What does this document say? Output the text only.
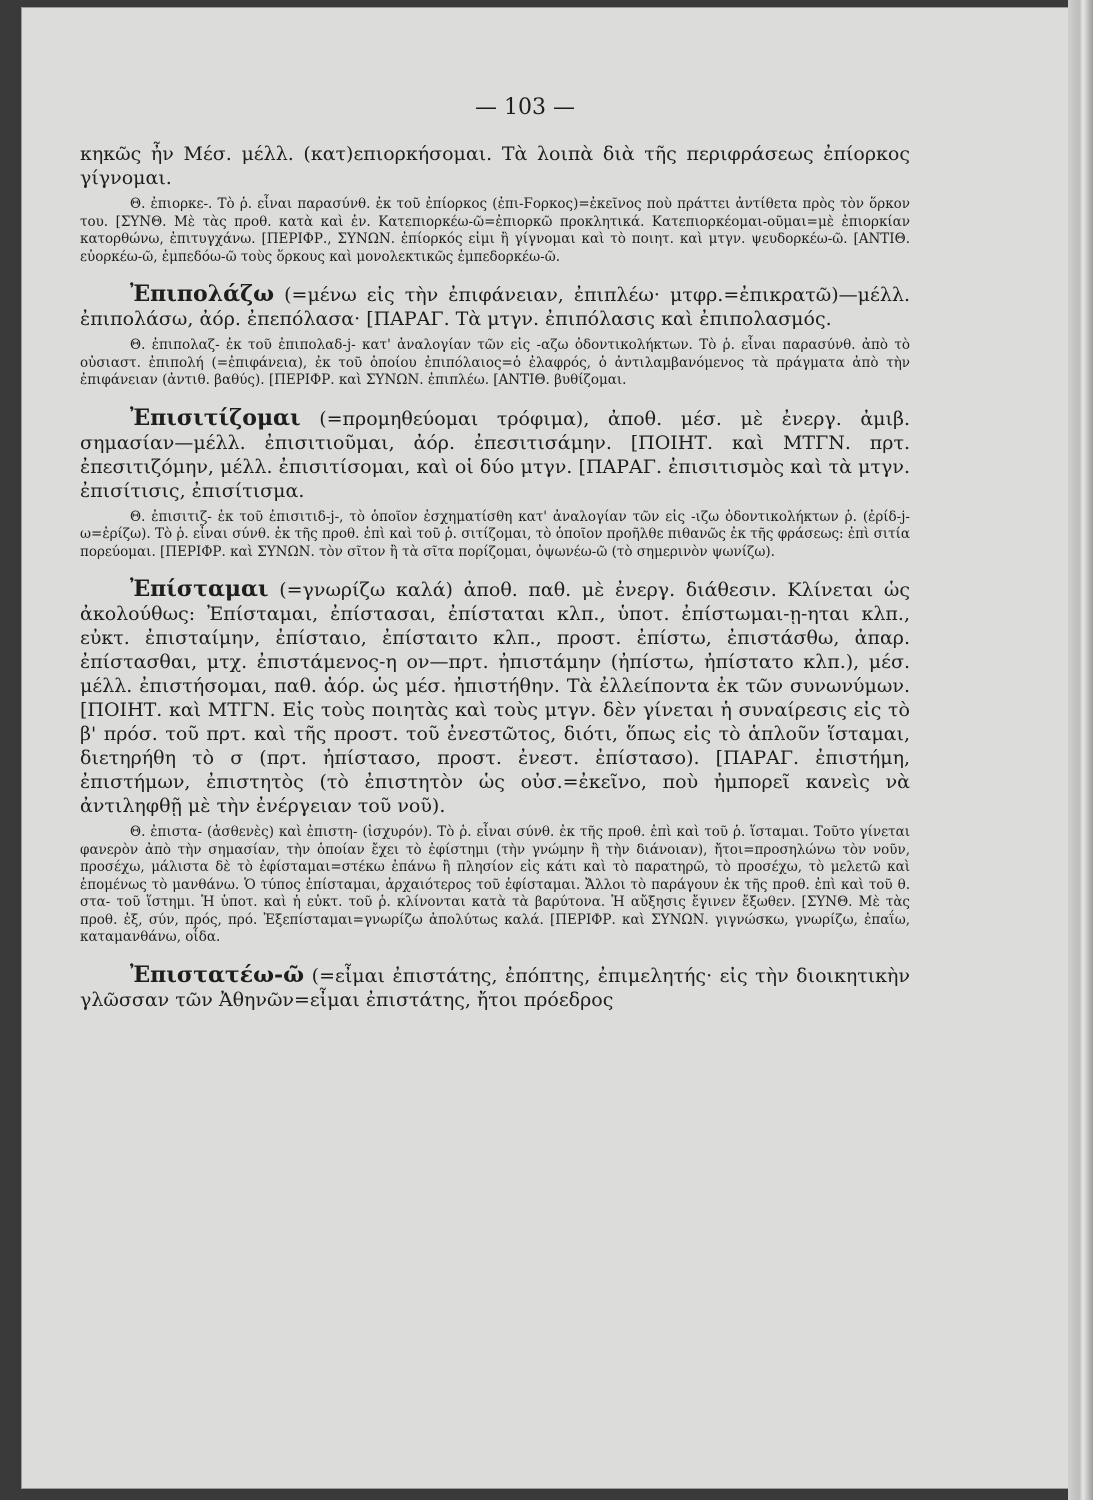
— 103 —

κηκῶς ἦν Μέσ. μέλλ. (κατ)επιορκήσομαι. Τὰ λοιπὰ διὰ τῆς περιφράσεως ἐπίορκος γίγνομαι.

Θ. ἐπιορκε-. Τὸ ῥ. εἶναι παρασύνθ. ἐκ τοῦ ἐπίορκος (ἐπι-Ϝορκος)=ἐκεῖνος ποὺ πράττει ἀντίθετα πρὸς τὸν ὅρκον του. [ΣΥΝΘ. Μὲ τὰς προθ. κατὰ καὶ ἐν. Κατεπιορκέω-ῶ=ἐπιορκῶ προκλητικά. Κατεπιορκέομαι-οῦμαι=μὲ ἐπιορκίαν κατορθώνω, ἐπιτυγχάνω. [ΠΕΡΙΦΡ., ΣΥΝΩΝ. ἐπίορκός εἰμι ἢ γίγνομαι καὶ τὸ ποιητ. καὶ μτγν. ψευδορκέω-ῶ. [ΑΝΤΙΘ. εὐορκέω-ῶ, ἐμπεδόω-ῶ τοὺς ὅρκους καὶ μονολεκτικῶς ἐμπεδορκέω-ῶ.

Ἐπιπολάζω (=μένω εἰς τὴν ἐπιφάνειαν, ἐπιπλέω· μτφρ.=ἐπικρατῶ)—μέλλ. ἐπιπολάσω, ἀόρ. ἐπεπόλασα· [ΠΑΡΑΓ. Τὰ μτγν. ἐπιπόλασις καὶ ἐπιπολασμός.

Θ. ἐπιπολαζ- ἐκ τοῦ ἐπιπολαδ-j- κατ' ἀναλογίαν τῶν εἰς -αζω ὀδοντικολήκτων. Τὸ ῥ. εἶναι παρασύνθ. ἀπὸ τὸ οὐσιαστ. ἐπιπολή (=ἐπιφάνεια), ἐκ τοῦ ὁποίου ἐπιπόλαιος=ὁ ἐλαφρός, ὁ ἀντιλαμβανόμενος τὰ πράγματα ἀπὸ τὴν ἐπιφάνειαν (ἀντιθ. βαθύς). [ΠΕΡΙΦΡ. καὶ ΣΥΝΩΝ. ἐπιπλέω. [ΑΝΤΙΘ. βυθίζομαι.

Ἐπισιτίζομαι (=προμηθεύομαι τρόφιμα), ἀποθ. μέσ. μὲ ἐνεργ. ἀμιβ. σημασίαν—μέλλ. ἐπισιτιοῦμαι, ἀόρ. ἐπεσιτισάμην. [ΠΟΙΗΤ. καὶ ΜΤΓΝ. πρτ. ἐπεσιτιζόμην, μέλλ. ἐπισιτίσομαι, καὶ οἱ δύο μτγν. [ΠΑΡΑΓ. ἐπισιτισμὸς καὶ τὰ μτγν. ἐπισίτισις, ἐπισίτισμα.

Θ. ἐπισιτιζ- ἐκ τοῦ ἐπισιτιδ-j-, τὸ ὁποῖον ἐσχηματίσθη κατ' ἀναλογίαν τῶν εἰς -ιζω ὀδοντικολήκτων ῥ. (ἐρίδ-j-ω=ἐρίζω). Τὸ ῥ. εἶναι σύνθ. ἐκ τῆς προθ. ἐπὶ καὶ τοῦ ῥ. σιτίζομαι, τὸ ὁποῖον προῆλθε πιθανῶς ἐκ τῆς φράσεως: ἐπὶ σιτία πορεύομαι. [ΠΕΡΙΦΡ. καὶ ΣΥΝΩΝ. τὸν σῖτον ἢ τὰ σῖτα πορίζομαι, ὀψωνέω-ῶ (τὸ σημερινὸν ψωνίζω).

Ἐπίσταμαι (=γνωρίζω καλά) ἀποθ. παθ. μὲ ἐνεργ. διάθεσιν. Κλίνεται ὡς ἀκολούθως: Ἐπίσταμαι, ἐπίστασαι, ἐπίσταται κλπ., ὑποτ. ἐπίστωμαι-ῃ-ηται κλπ., εὐκτ. ἐπισταίμην, ἐπίσταιο, ἐπίσταιτο κλπ., προστ. ἐπίστω, ἐπιστάσθω, ἀπαρ. ἐπίστασθαι, μτχ. ἐπιστάμενος-η ον—πρτ. ἠπιστάμην (ἠπίστω, ἠπίστατο κλπ.), μέσ. μέλλ. ἐπιστήσομαι, παθ. ἀόρ. ὡς μέσ. ἠπιστήθην. Τὰ ἐλλείποντα ἐκ τῶν συνωνύμων. [ΠΟΙΗΤ. καὶ ΜΤΓΝ. Εἰς τοὺς ποιητὰς καὶ τοὺς μτγν. δὲν γίνεται ἡ συναίρεσις εἰς τὸ β' πρόσ. τοῦ πρτ. καὶ τῆς προστ. τοῦ ἐνεστῶτος, διότι, ὅπως εἰς τὸ ἁπλοῦν ἵσταμαι, διετηρήθη τὸ σ (πρτ. ἠπίστασο, προστ. ἐνεστ. ἐπίστασο). [ΠΑΡΑΓ. ἐπιστήμη, ἐπιστήμων, ἐπιστητὸς (τὸ ἐπιστητὸν ὡς οὐσ.=ἐκεῖνο, ποὺ ἠμπορεῖ κανεὶς νὰ ἀντιληφθῇ μὲ τὴν ἐνέργειαν τοῦ νοῦ).

Θ. ἐπιστα- (ἀσθενὲς) καὶ ἐπιστη- (ἰσχυρόν). Τὸ ῥ. εἶναι σύνθ. ἐκ τῆς προθ. ἐπὶ καὶ τοῦ ῥ. ἵσταμαι. Τοῦτο γίνεται φανερὸν ἀπὸ τὴν σημασίαν, τὴν ὁποίαν ἔχει τὸ ἐφίστημι (τὴν γνώμην ἢ τὴν διάνοιαν), ἤτοι=προσηλώνω τὸν νοῦν, προσέχω, μάλιστα δὲ τὸ ἐφίσταμαι=στέκω ἐπάνω ἢ πλησίον εἰς κάτι καὶ τὸ παρατηρῶ, τὸ προσέχω, τὸ μελετῶ καὶ ἑπομένως τὸ μανθάνω. Ὁ τύπος ἐπίσταμαι, ἀρχαιότερος τοῦ ἐφίσταμαι. Ἄλλοι τὸ παράγουν ἐκ τῆς προθ. ἐπὶ καὶ τοῦ θ. στα- τοῦ ἵστημι. Ἡ ὑποτ. καὶ ἡ εὐκτ. τοῦ ῥ. κλίνονται κατὰ τὰ βαρύτονα. Ἡ αὔξησις ἔγινεν ἔξωθεν. [ΣΥΝΘ. Μὲ τὰς προθ. ἐξ, σύν, πρός, πρό. Ἐξεπίσταμαι=γνωρίζω ἀπολύτως καλά. [ΠΕΡΙΦΡ. καὶ ΣΥΝΩΝ. γιγνώσκω, γνωρίζω, ἐπαΐω, καταμανθάνω, οἶδα.

Ἐπιστατέω-ῶ (=εἶμαι ἐπιστάτης, ἐπόπτης, ἐπιμελητής· εἰς τὴν διοικητικὴν γλῶσσαν τῶν Ἀθηνῶν=εἶμαι ἐπιστάτης, ἤτοι πρόεδρος
